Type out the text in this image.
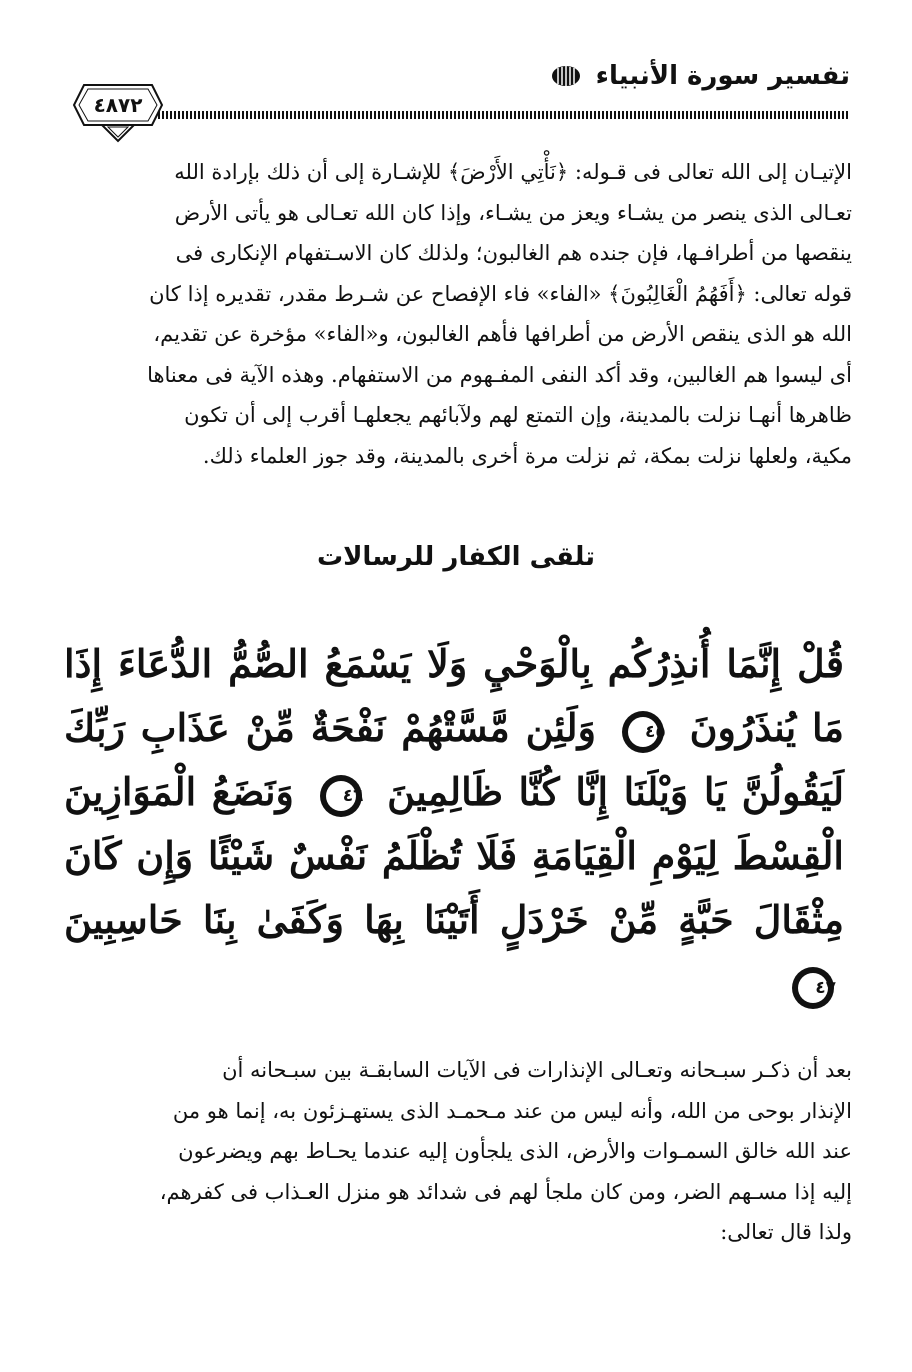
تفسير سورة الأنبياء
٤٨٧٢
الإتيـان إلى الله تعالى فى قـوله: ﴿نَأْتِي الأَرْضَ﴾ للإشـارة إلى أن ذلك بإرادة الله
تعـالى الذى ينصر من يشـاء ويعز من يشـاء، وإذا كان الله تعـالى هو يأتى الأرض
ينقصها من أطرافـها، فإن جنده هم الغالبون؛ ولذلك كان الاسـتفهام الإنكارى فى
قوله تعالى: ﴿أَفَهُمُ الْغَالِبُونَ﴾ «الفاء» فاء الإفصاح عن شـرط مقدر، تقديره إذا كان
الله هو الذى ينقص الأرض من أطرافها فأهم الغالبون، و«الفاء» مؤخرة عن تقديم،
أى ليسوا هم الغالبين، وقد أكد النفى المفـهوم من الاستفهام. وهذه الآية فى معناها
ظاهرها أنهـا نزلت بالمدينة، وإن التمتع لهم ولآبائهم يجعلهـا أقرب إلى أن تكون
مكية، ولعلها نزلت بمكة، ثم نزلت مرة أخرى بالمدينة، وقد جوز العلماء ذلك.
تلقى الكفار للرسالات
قُلْ إِنَّمَا أُنذِرُكُم بِالْوَحْيِ وَلَا يَسْمَعُ الصُّمُّ الدُّعَاءَ إِذَا
مَا يُنذَرُونَ
٤٥
وَلَئِن مَّسَّتْهُمْ نَفْحَةٌ مِّنْ عَذَابِ رَبِّكَ
لَيَقُولُنَّ يَا وَيْلَنَا إِنَّا كُنَّا ظَالِمِينَ
٤٦
وَنَضَعُ الْمَوَازِينَ
الْقِسْطَ لِيَوْمِ الْقِيَامَةِ فَلَا تُظْلَمُ نَفْسٌ شَيْئًا وَإِن كَانَ
مِثْقَالَ حَبَّةٍ مِّنْ خَرْدَلٍ أَتَيْنَا بِهَا وَكَفَىٰ بِنَا حَاسِبِينَ
٤٧
بعد أن ذكـر سبـحانه وتعـالى الإنذارات فى الآيات السابقـة بين سبـحانه أن
الإنذار بوحى من الله، وأنه ليس من عند مـحمـد الذى يستهـزئون به، إنما هو من
عند الله خالق السمـوات والأرض، الذى يلجأون إليه عندما يحـاط بهم ويضرعون
إليه إذا مسـهم الضر، ومن كان ملجأ لهم فى شدائد هو منزل العـذاب فى كفرهم،
ولذا قال تعالى:
